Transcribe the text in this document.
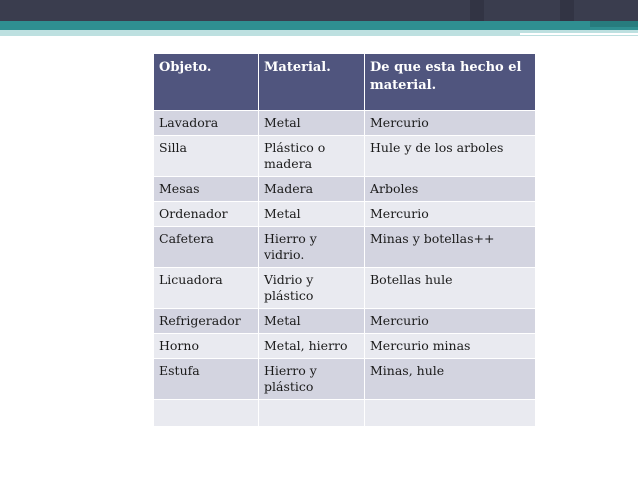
Objeto.	Material.	De que esta hecho el material.
Lavadora	Metal	Mercurio
Silla	Plástico o madera	Hule y de los arboles
Mesas	Madera	Arboles
Ordenador	Metal	Mercurio
Cafetera	Hierro y vidrio.	Minas y botellas++
Licuadora	Vidrio y plástico	Botellas hule
Refrigerador	Metal	Mercurio
Horno	Metal, hierro	Mercurio minas
Estufa	Hierro y plástico	Minas, hule
